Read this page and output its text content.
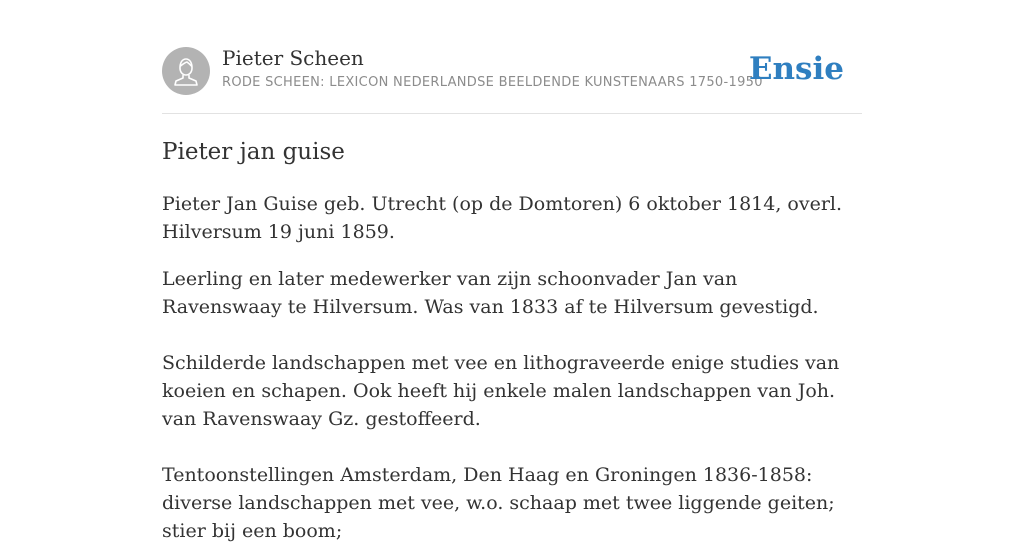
Pieter Scheen
RODE SCHEEN: LEXICON NEDERLANDSE BEELDENDE KUNSTENAARS 1750-1950
Ensie
Pieter jan guise

Pieter Jan Guise geb. Utrecht (op de Domtoren) 6 oktober 1814, overl. Hilversum 19 juni 1859.

Leerling en later medewerker van zijn schoonvader Jan van Ravenswaay te Hilversum. Was van 1833 af te Hilversum gevestigd.

Schilderde landschappen met vee en lithograveerde enige studies van koeien en schapen. Ook heeft hij enkele malen landschappen van Joh. van Ravenswaay Gz. gestoffeerd.

Tentoonstellingen Amsterdam, Den Haag en Groningen 1836-1858: diverse landschappen met vee, w.o. schaap met twee liggende geiten; stier bij een boom;
